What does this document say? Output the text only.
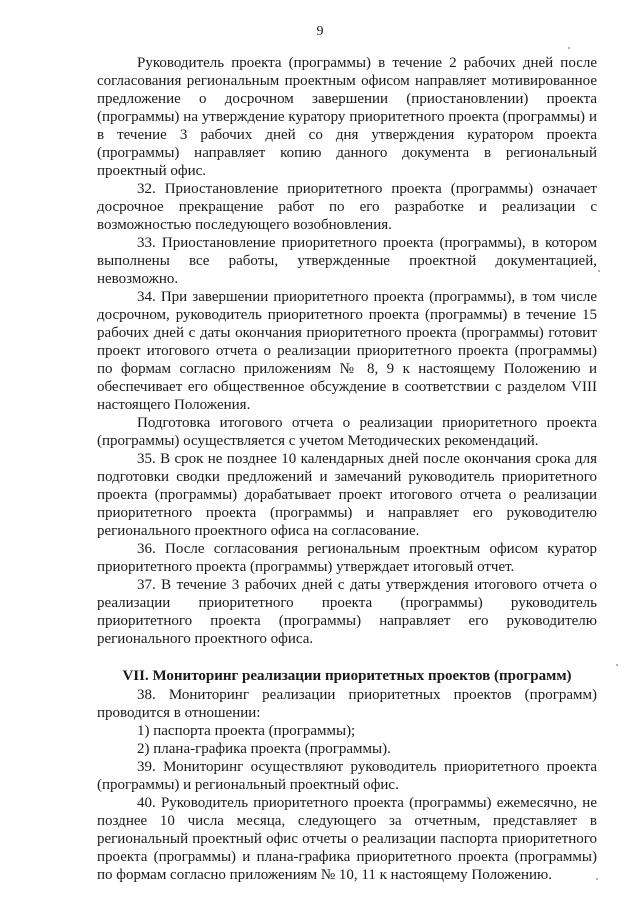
9

Руководитель проекта (программы) в течение 2 рабочих дней после согласования региональным проектным офисом направляет мотивированное предложение о досрочном завершении (приостановлении) проекта (программы) на утверждение куратору приоритетного проекта (программы) и в течение 3 рабочих дней со дня утверждения куратором проекта (программы) направляет копию данного документа в региональный проектный офис.

32. Приостановление приоритетного проекта (программы) означает досрочное прекращение работ по его разработке и реализации с возможностью последующего возобновления.

33. Приостановление приоритетного проекта (программы), в котором выполнены все работы, утвержденные проектной документацией, невозможно.

34. При завершении приоритетного проекта (программы), в том числе досрочном, руководитель приоритетного проекта (программы) в течение 15 рабочих дней с даты окончания приоритетного проекта (программы) готовит проект итогового отчета о реализации приоритетного проекта (программы) по формам согласно приложениям № 8, 9 к настоящему Положению и обеспечивает его общественное обсуждение в соответствии с разделом VIII настоящего Положения.

Подготовка итогового отчета о реализации приоритетного проекта (программы) осуществляется с учетом Методических рекомендаций.

35. В срок не позднее 10 календарных дней после окончания срока для подготовки сводки предложений и замечаний руководитель приоритетного проекта (программы) дорабатывает проект итогового отчета о реализации приоритетного проекта (программы) и направляет его руководителю регионального проектного офиса на согласование.

36. После согласования региональным проектным офисом куратор приоритетного проекта (программы) утверждает итоговый отчет.

37. В течение 3 рабочих дней с даты утверждения итогового отчета о реализации приоритетного проекта (программы) руководитель приоритетного проекта (программы) направляет его руководителю регионального проектного офиса.

VII. Мониторинг реализации приоритетных проектов (программ)

38. Мониторинг реализации приоритетных проектов (программ) проводится в отношении:

1) паспорта проекта (программы);

2) плана-графика проекта (программы).

39. Мониторинг осуществляют руководитель приоритетного проекта (программы) и региональный проектный офис.

40. Руководитель приоритетного проекта (программы) ежемесячно, не позднее 10 числа месяца, следующего за отчетным, представляет в региональный проектный офис отчеты о реализации паспорта приоритетного проекта (программы) и плана-графика приоритетного проекта (программы) по формам согласно приложениям № 10, 11 к настоящему Положению.
